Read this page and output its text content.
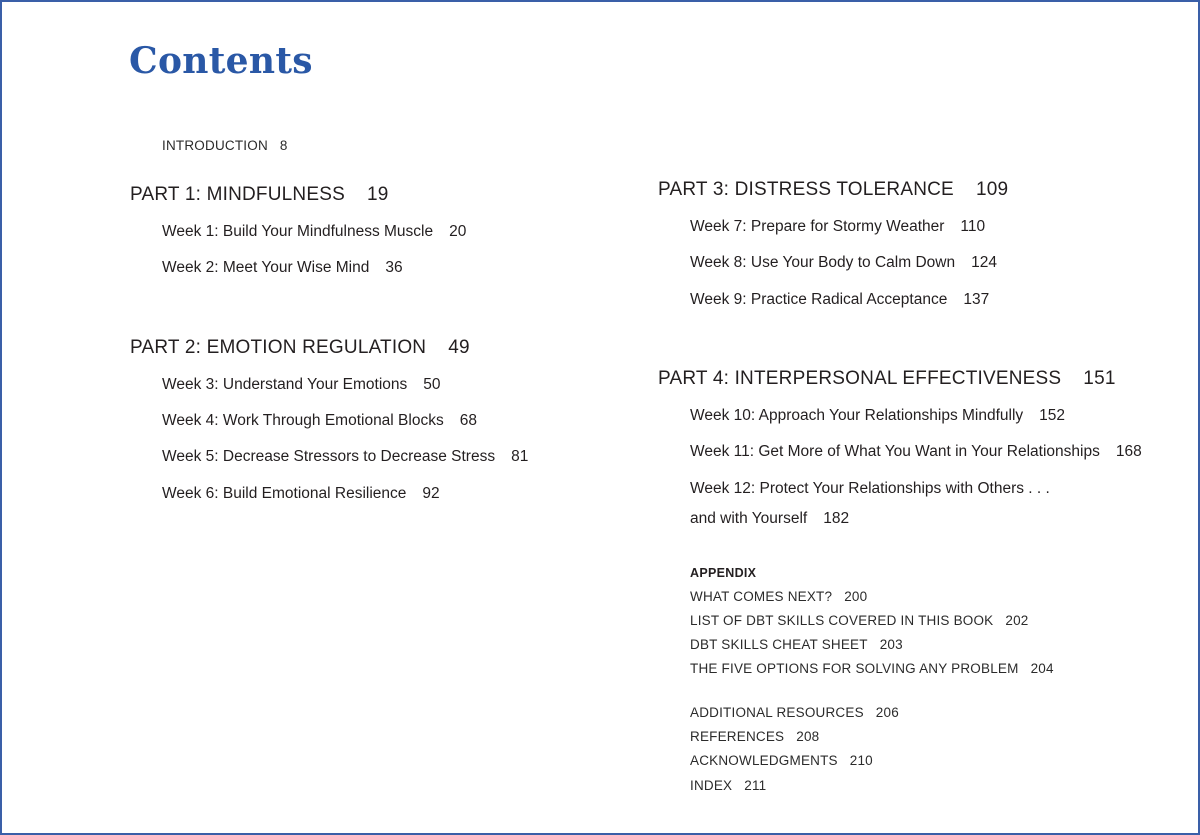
Contents
INTRODUCTION 8
PART 1: MINDFULNESS 19
Week 1: Build Your Mindfulness Muscle 20
Week 2: Meet Your Wise Mind 36
PART 2: EMOTION REGULATION 49
Week 3: Understand Your Emotions 50
Week 4: Work Through Emotional Blocks 68
Week 5: Decrease Stressors to Decrease Stress 81
Week 6: Build Emotional Resilience 92
PART 3: DISTRESS TOLERANCE 109
Week 7: Prepare for Stormy Weather 110
Week 8: Use Your Body to Calm Down 124
Week 9: Practice Radical Acceptance 137
PART 4: INTERPERSONAL EFFECTIVENESS 151
Week 10: Approach Your Relationships Mindfully 152
Week 11: Get More of What You Want in Your Relationships 168
Week 12: Protect Your Relationships with Others . . .
and with Yourself 182
APPENDIX
WHAT COMES NEXT? 200
LIST OF DBT SKILLS COVERED IN THIS BOOK 202
DBT SKILLS CHEAT SHEET 203
THE FIVE OPTIONS FOR SOLVING ANY PROBLEM 204
ADDITIONAL RESOURCES 206
REFERENCES 208
ACKNOWLEDGMENTS 210
INDEX 211
